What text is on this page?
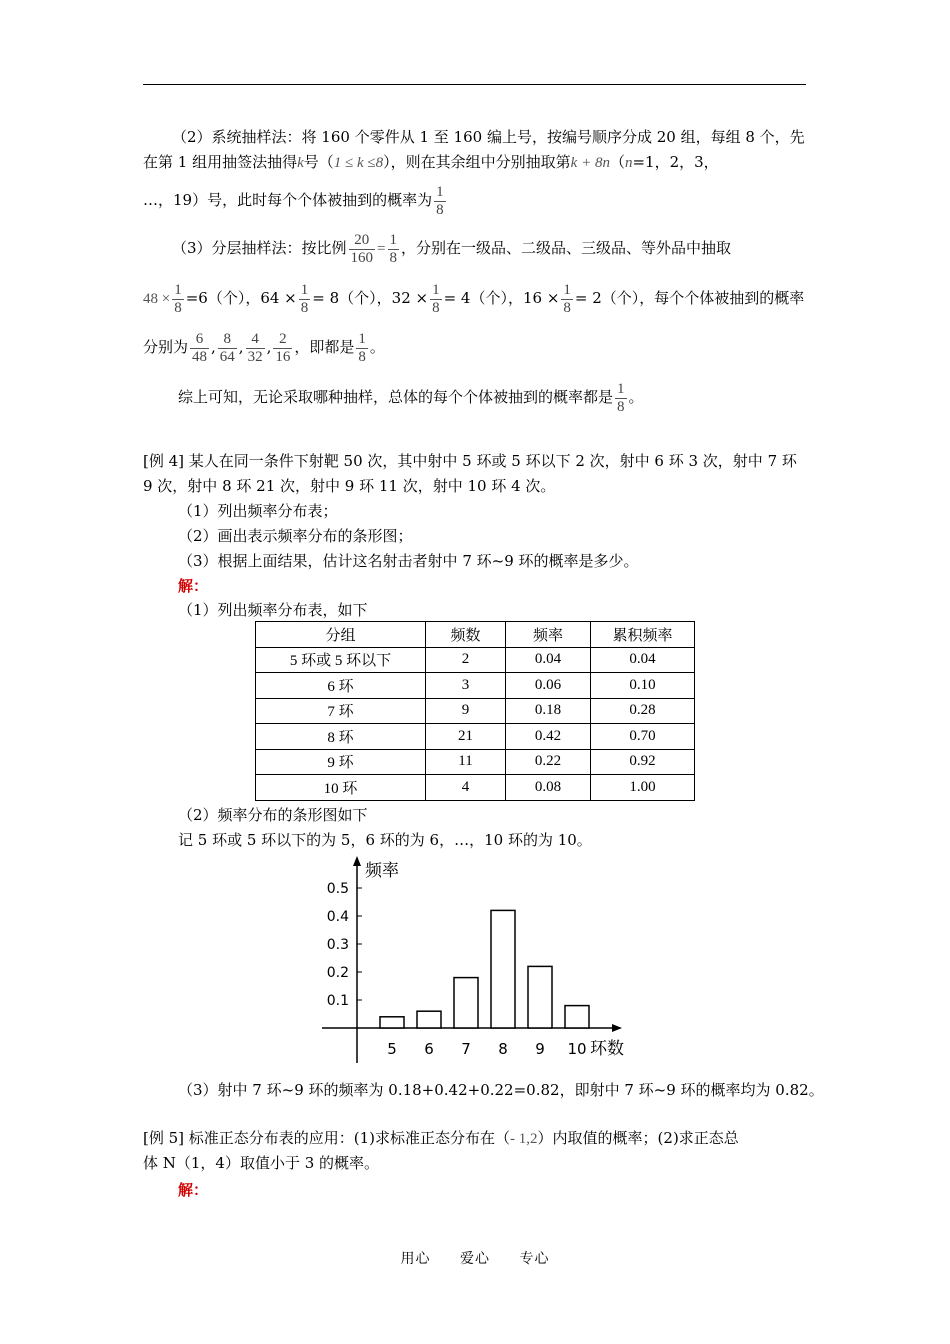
（2）系统抽样法：将 160 个零件从 1 至 160 编上号，按编号顺序分成 20 组，每组 8 个，先
在第 1 组用抽签法抽得k号（1 ≤ k ≤8），则在其余组中分别抽取第k + 8n（n=1，2，3，
…，19）号，此时每个个体被抽到的概率为 $\frac{1}{8}$
（3）分层抽样法：按比例 $\frac{20}{160} = \frac{1}{8}$ ，分别在一级品、二级品、三级品、等外品中抽取
$48 \times \frac{1}{8} =6$（个），$64 \times \frac{1}{8} = 8$（个），$32 \times \frac{1}{8} = 4$（个），$16 \times \frac{1}{8} = 2$（个），每个个体被抽到的概率
分别为 $\frac{6}{48}$ , $\frac{8}{64}$ , $\frac{4}{32}$ , $\frac{2}{16}$ ，即都是 $\frac{1}{8}$ 。
综上可知，无论采取哪种抽样，总体的每个个体被抽到的概率都是 $\frac{1}{8}$ 。
[例 4] 某人在同一条件下射靶 50 次，其中射中 5 环或 5 环以下 2 次，射中 6 环 3 次，射中 7 环
9 次，射中 8 环 21 次，射中 9 环 11 次，射中 10 环 4 次。
（1）列出频率分布表；
（2）画出表示频率分布的条形图；
（3）根据上面结果，估计这名射击者射中 7 环~9 环的概率是多少。
解：
（1）列出频率分布表，如下
分组	频数	频率	累积频率
5 环或 5 环以下	2	0.04	0.04
6 环	3	0.06	0.10
7 环	9	0.18	0.28
8 环	21	0.42	0.70
9 环	11	0.22	0.92
10 环	4	0.08	1.00
（2）频率分布的条形图如下
记 5 环或 5 环以下的为 5，6 环的为 6，…，10 环的为 10。
0.1
0.2
0.3
0.4
0.5
频率
5 6 7 8 9 10 环数
（3）射中 7 环~9 环的频率为 0.18+0.42+0.22=0.82，即射中 7 环~9 环的概率均为 0.82。
[例 5] 标准正态分布表的应用：(1)求标准正态分布在（- 1,2）内取值的概率；(2)求正态总
体 N（1，4）取值小于 3 的概率。
解：
用心 爱心 专心
